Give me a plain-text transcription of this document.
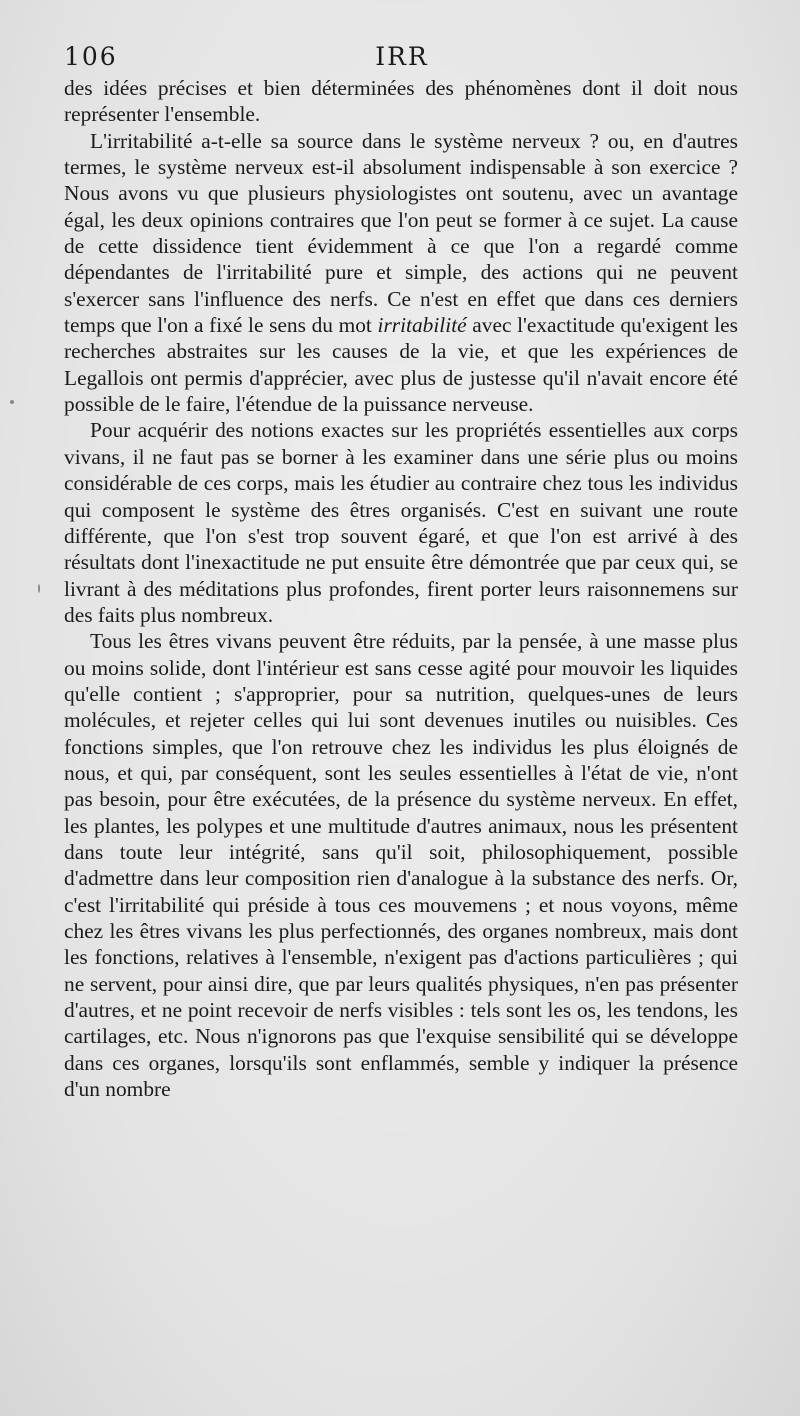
106	IRR

des idées précises et bien déterminées des phénomènes dont il doit nous représenter l'ensemble.

L'irritabilité a-t-elle sa source dans le système nerveux ? ou, en d'autres termes, le système nerveux est-il absolument indispensable à son exercice ? Nous avons vu que plusieurs physiologistes ont soutenu, avec un avantage égal, les deux opinions contraires que l'on peut se former à ce sujet. La cause de cette dissidence tient évidemment à ce que l'on a regardé comme dépendantes de l'irritabilité pure et simple, des actions qui ne peuvent s'exercer sans l'influence des nerfs. Ce n'est en effet que dans ces derniers temps que l'on a fixé le sens du mot irritabilité avec l'exactitude qu'exigent les recherches abstraites sur les causes de la vie, et que les expériences de Legallois ont permis d'apprécier, avec plus de justesse qu'il n'avait encore été possible de le faire, l'étendue de la puissance nerveuse.

Pour acquérir des notions exactes sur les propriétés essentielles aux corps vivans, il ne faut pas se borner à les examiner dans une série plus ou moins considérable de ces corps, mais les étudier au contraire chez tous les individus qui composent le système des êtres organisés. C'est en suivant une route différente, que l'on s'est trop souvent égaré, et que l'on est arrivé à des résultats dont l'inexactitude ne put ensuite être démontrée que par ceux qui, se livrant à des méditations plus profondes, firent porter leurs raisonnemens sur des faits plus nombreux.

Tous les êtres vivans peuvent être réduits, par la pensée, à une masse plus ou moins solide, dont l'intérieur est sans cesse agité pour mouvoir les liquides qu'elle contient ; s'approprier, pour sa nutrition, quelques-unes de leurs molécules, et rejeter celles qui lui sont devenues inutiles ou nuisibles. Ces fonctions simples, que l'on retrouve chez les individus les plus éloignés de nous, et qui, par conséquent, sont les seules essentielles à l'état de vie, n'ont pas besoin, pour être exécutées, de la présence du système nerveux. En effet, les plantes, les polypes et une multitude d'autres animaux, nous les présentent dans toute leur intégrité, sans qu'il soit, philosophiquement, possible d'admettre dans leur composition rien d'analogue à la substance des nerfs. Or, c'est l'irritabilité qui préside à tous ces mouvemens ; et nous voyons, même chez les êtres vivans les plus perfectionnés, des organes nombreux, mais dont les fonctions, relatives à l'ensemble, n'exigent pas d'actions particulières ; qui ne servent, pour ainsi dire, que par leurs qualités physiques, n'en pas présenter d'autres, et ne point recevoir de nerfs visibles : tels sont les os, les tendons, les cartilages, etc. Nous n'ignorons pas que l'exquise sensibilité qui se développe dans ces organes, lorsqu'ils sont enflammés, semble y indiquer la présence d'un nombre
